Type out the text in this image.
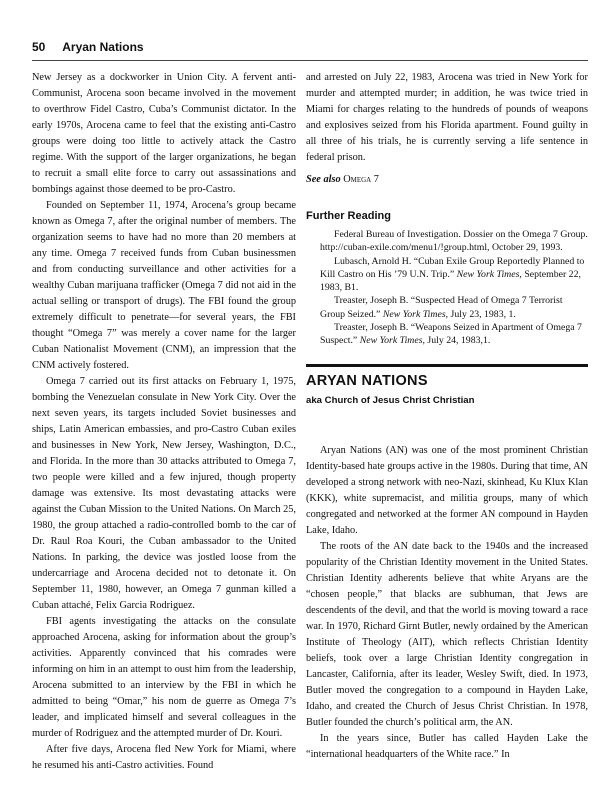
50 Aryan Nations

New Jersey as a dockworker in Union City. A fervent anti-Communist, Arocena soon became involved in the movement to overthrow Fidel Castro, Cuba’s Communist dictator. In the early 1970s, Arocena came to feel that the existing anti-Castro groups were doing too little to actively attack the Castro regime. With the support of the larger organizations, he began to recruit a small elite force to carry out assassinations and bombings against those deemed to be pro-Castro.

Founded on September 11, 1974, Arocena’s group became known as Omega 7, after the original number of members. The organization seems to have had no more than 20 members at any time. Omega 7 received funds from Cuban businessmen and from conducting surveillance and other activities for a wealthy Cuban marijuana trafficker (Omega 7 did not aid in the actual selling or transport of drugs). The FBI found the group extremely difficult to penetrate—for several years, the FBI thought “Omega 7” was merely a cover name for the larger Cuban Nationalist Movement (CNM), an impression that the CNM actively fostered.

Omega 7 carried out its first attacks on February 1, 1975, bombing the Venezuelan consulate in New York City. Over the next seven years, its targets included Soviet businesses and ships, Latin American embassies, and pro-Castro Cuban exiles and businesses in New York, New Jersey, Washington, D.C., and Florida. In the more than 30 attacks attributed to Omega 7, two people were killed and a few injured, though property damage was extensive. Its most devastating attacks were against the Cuban Mission to the United Nations. On March 25, 1980, the group attached a radio-controlled bomb to the car of Dr. Raul Roa Kouri, the Cuban ambassador to the United Nations. In parking, the device was jostled loose from the undercarriage and Arocena decided not to detonate it. On September 11, 1980, however, an Omega 7 gunman killed a Cuban attaché, Felix Garcia Rodriguez.

FBI agents investigating the attacks on the consulate approached Arocena, asking for information about the group’s activities. Apparently convinced that his comrades were informing on him in an attempt to oust him from the leadership, Arocena submitted to an interview by the FBI in which he admitted to being “Omar,” his nom de guerre as Omega 7’s leader, and implicated himself and several colleagues in the murder of Rodriguez and the attempted murder of Dr. Kouri.

After five days, Arocena fled New York for Miami, where he resumed his anti-Castro activities. Found

and arrested on July 22, 1983, Arocena was tried in New York for murder and attempted murder; in addition, he was twice tried in Miami for charges relating to the hundreds of pounds of weapons and explosives seized from his Florida apartment. Found guilty in all three of his trials, he is currently serving a life sentence in federal prison.

See also Omega 7
Further Reading

Federal Bureau of Investigation. Dossier on the Omega 7 Group. http://cuban-exile.com/menu1/!group.html, October 29, 1993.

Lubasch, Arnold H. “Cuban Exile Group Reportedly Planned to Kill Castro on His ’79 U.N. Trip.” New York Times, September 22, 1983, B1.

Treaster, Joseph B. “Suspected Head of Omega 7 Terrorist Group Seized.” New York Times, July 23, 1983, 1.

Treaster, Joseph B. “Weapons Seized in Apartment of Omega 7 Suspect.” New York Times, July 24, 1983,1.

ARYAN NATIONS
aka Church of Jesus Christ Christian

Aryan Nations (AN) was one of the most prominent Christian Identity-based hate groups active in the 1980s. During that time, AN developed a strong network with neo-Nazi, skinhead, Ku Klux Klan (KKK), white supremacist, and militia groups, many of which congregated and networked at the former AN compound in Hayden Lake, Idaho.

The roots of the AN date back to the 1940s and the increased popularity of the Christian Identity movement in the United States. Christian Identity adherents believe that white Aryans are the “chosen people,” that blacks are subhuman, that Jews are descendents of the devil, and that the world is moving toward a race war. In 1970, Richard Girnt Butler, newly ordained by the American Institute of Theology (AIT), which reflects Christian Identity beliefs, took over a large Christian Identity congregation in Lancaster, California, after its leader, Wesley Swift, died. In 1973, Butler moved the congregation to a compound in Hayden Lake, Idaho, and created the Church of Jesus Christ Christian. In 1978, Butler founded the church’s political arm, the AN.

In the years since, Butler has called Hayden Lake the “international headquarters of the White race.” In
